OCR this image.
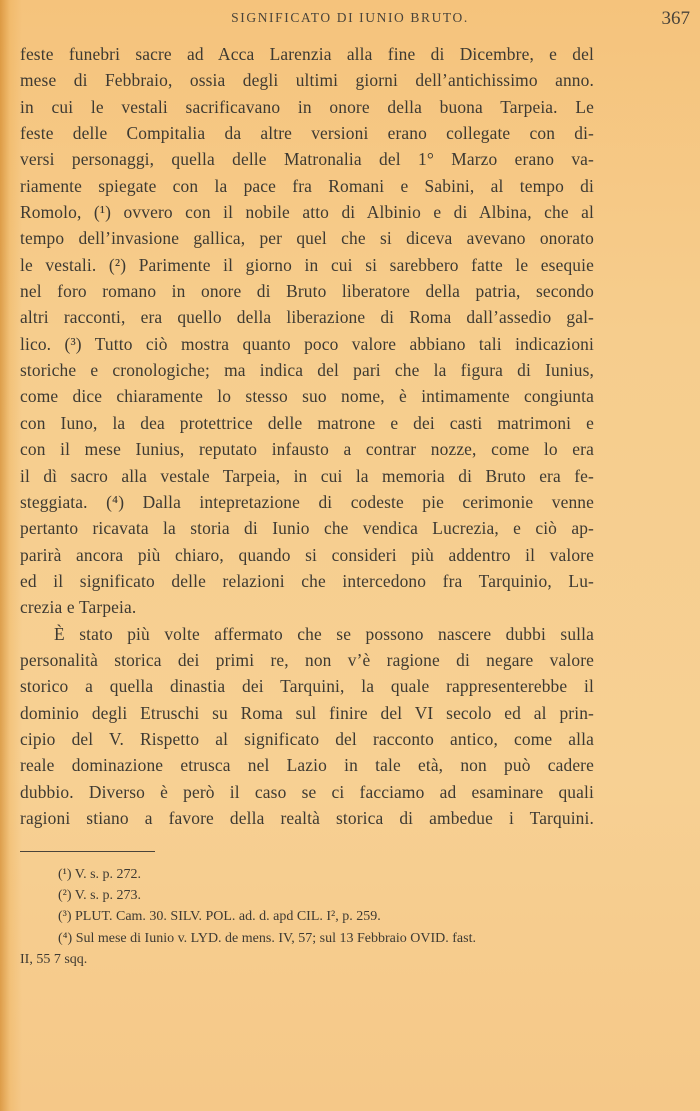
SIGNIFICATO DI IUNIO BRUTO.	367
feste funebri sacre ad Acca Larenzia alla fine di Dicembre, e del
mese di Febbraio, ossia degli ultimi giorni dell’antichissimo anno.
in cui le vestali sacrificavano in onore della buona Tarpeia. Le
feste delle Compitalia da altre versioni erano collegate con di-
versi personaggi, quella delle Matronalia del 1° Marzo erano va-
riamente spiegate con la pace fra Romani e Sabini, al tempo di
Romolo, (¹) ovvero con il nobile atto di Albinio e di Albina, che al
tempo dell’invasione gallica, per quel che si diceva avevano onorato
le vestali. (²) Parimente il giorno in cui si sarebbero fatte le esequie
nel foro romano in onore di Bruto liberatore della patria, secondo
altri racconti, era quello della liberazione di Roma dall’assedio gal-
lico. (³) Tutto ciò mostra quanto poco valore abbiano tali indicazioni
storiche e cronologiche; ma indica del pari che la figura di Iunius,
come dice chiaramente lo stesso suo nome, è intimamente congiunta
con Iuno, la dea protettrice delle matrone e dei casti matrimoni e
con il mese Iunius, reputato infausto a contrar nozze, come lo era
il dì sacro alla vestale Tarpeia, in cui la memoria di Bruto era fe-
steggiata. (⁴) Dalla intepretazione di codeste pie cerimonie venne
pertanto ricavata la storia di Iunio che vendica Lucrezia, e ciò ap-
parirà ancora più chiaro, quando si consideri più addentro il valore
ed il significato delle relazioni che intercedono fra Tarquinio, Lu-
crezia e Tarpeia.
È stato più volte affermato che se possono nascere dubbi sulla
personalità storica dei primi re, non v’è ragione di negare valore
storico a quella dinastia dei Tarquini, la quale rappresenterebbe il
dominio degli Etruschi su Roma sul finire del VI secolo ed al prin-
cipio del V. Rispetto al significato del racconto antico, come alla
reale dominazione etrusca nel Lazio in tale età, non può cadere
dubbio. Diverso è però il caso se ci facciamo ad esaminare quali
ragioni stiano a favore della realtà storica di ambedue i Tarquini.
(¹) V. s. p. 272.
(²) V. s. p. 273.
(³) PLUT. Cam. 30. SILV. POL. ad. d. apd CIL. I², p. 259.
(⁴) Sul mese di Iunio v. LYD. de mens. IV, 57; sul 13 Febbraio OVID. fast.
II, 55 7 sqq.
